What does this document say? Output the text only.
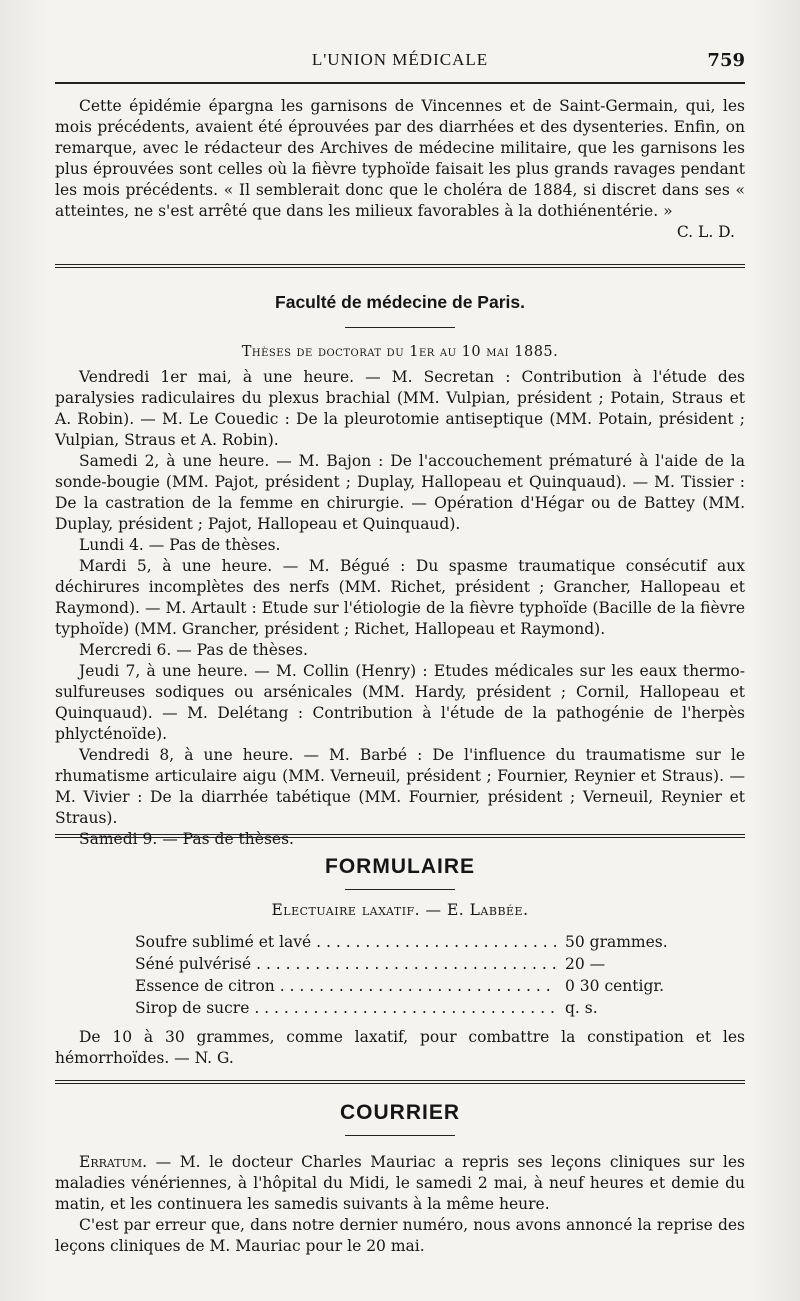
L'UNION MÉDICALE	759

Cette épidémie épargna les garnisons de Vincennes et de Saint-Germain, qui, les mois précédents, avaient été éprouvées par des diarrhées et des dysenteries. Enfin, on remarque, avec le rédacteur des Archives de médecine militaire, que les garnisons les plus éprouvées sont celles où la fièvre typhoïde faisait les plus grands ravages pendant les mois précédents. « Il semblerait donc que le choléra de 1884, si discret dans ses « atteintes, ne s'est arrêté que dans les milieux favorables à la dothiénentérie. »

C. L. D.

Faculté de médecine de Paris.
Thèses de doctorat du 1er au 10 mai 1885.

Vendredi 1er mai, à une heure. — M. Secretan : Contribution à l'étude des paralysies radiculaires du plexus brachial (MM. Vulpian, président ; Potain, Straus et A. Robin). — M. Le Couedic : De la pleurotomie antiseptique (MM. Potain, président ; Vulpian, Straus et A. Robin).

Samedi 2, à une heure. — M. Bajon : De l'accouchement prématuré à l'aide de la sonde-bougie (MM. Pajot, président ; Duplay, Hallopeau et Quinquaud). — M. Tissier : De la castration de la femme en chirurgie. — Opération d'Hégar ou de Battey (MM. Duplay, président ; Pajot, Hallopeau et Quinquaud).

Lundi 4. — Pas de thèses.

Mardi 5, à une heure. — M. Bégué : Du spasme traumatique consécutif aux déchirures incomplètes des nerfs (MM. Richet, président ; Grancher, Hallopeau et Raymond). — M. Artault : Etude sur l'étiologie de la fièvre typhoïde (Bacille de la fièvre typhoïde) (MM. Grancher, président ; Richet, Hallopeau et Raymond).

Mercredi 6. — Pas de thèses.

Jeudi 7, à une heure. — M. Collin (Henry) : Etudes médicales sur les eaux thermo-sulfureuses sodiques ou arsénicales (MM. Hardy, président ; Cornil, Hallopeau et Quinquaud). — M. Delétang : Contribution à l'étude de la pathogénie de l'herpès phlycténoïde).

Vendredi 8, à une heure. — M. Barbé : De l'influence du traumatisme sur le rhumatisme articulaire aigu (MM. Verneuil, président ; Fournier, Reynier et Straus). — M. Vivier : De la diarrhée tabétique (MM. Fournier, président ; Verneuil, Reynier et Straus).

Samedi 9. — Pas de thèses.

FORMULAIRE
Electuaire laxatif. — E. Labbée.
Soufre sublimé et lavé . . .	50 grammes.
Séné pulvérisé . . .	20 —
Essence de citron . . .	0 30 centigr.
Sirop de sucre . . .	q. s.

De 10 à 30 grammes, comme laxatif, pour combattre la constipation et les hémorrhoïdes. — N. G.

COURRIER

Erratum. — M. le docteur Charles Mauriac a repris ses leçons cliniques sur les maladies vénériennes, à l'hôpital du Midi, le samedi 2 mai, à neuf heures et demie du matin, et les continuera les samedis suivants à la même heure.

C'est par erreur que, dans notre dernier numéro, nous avons annoncé la reprise des leçons cliniques de M. Mauriac pour le 20 mai.
